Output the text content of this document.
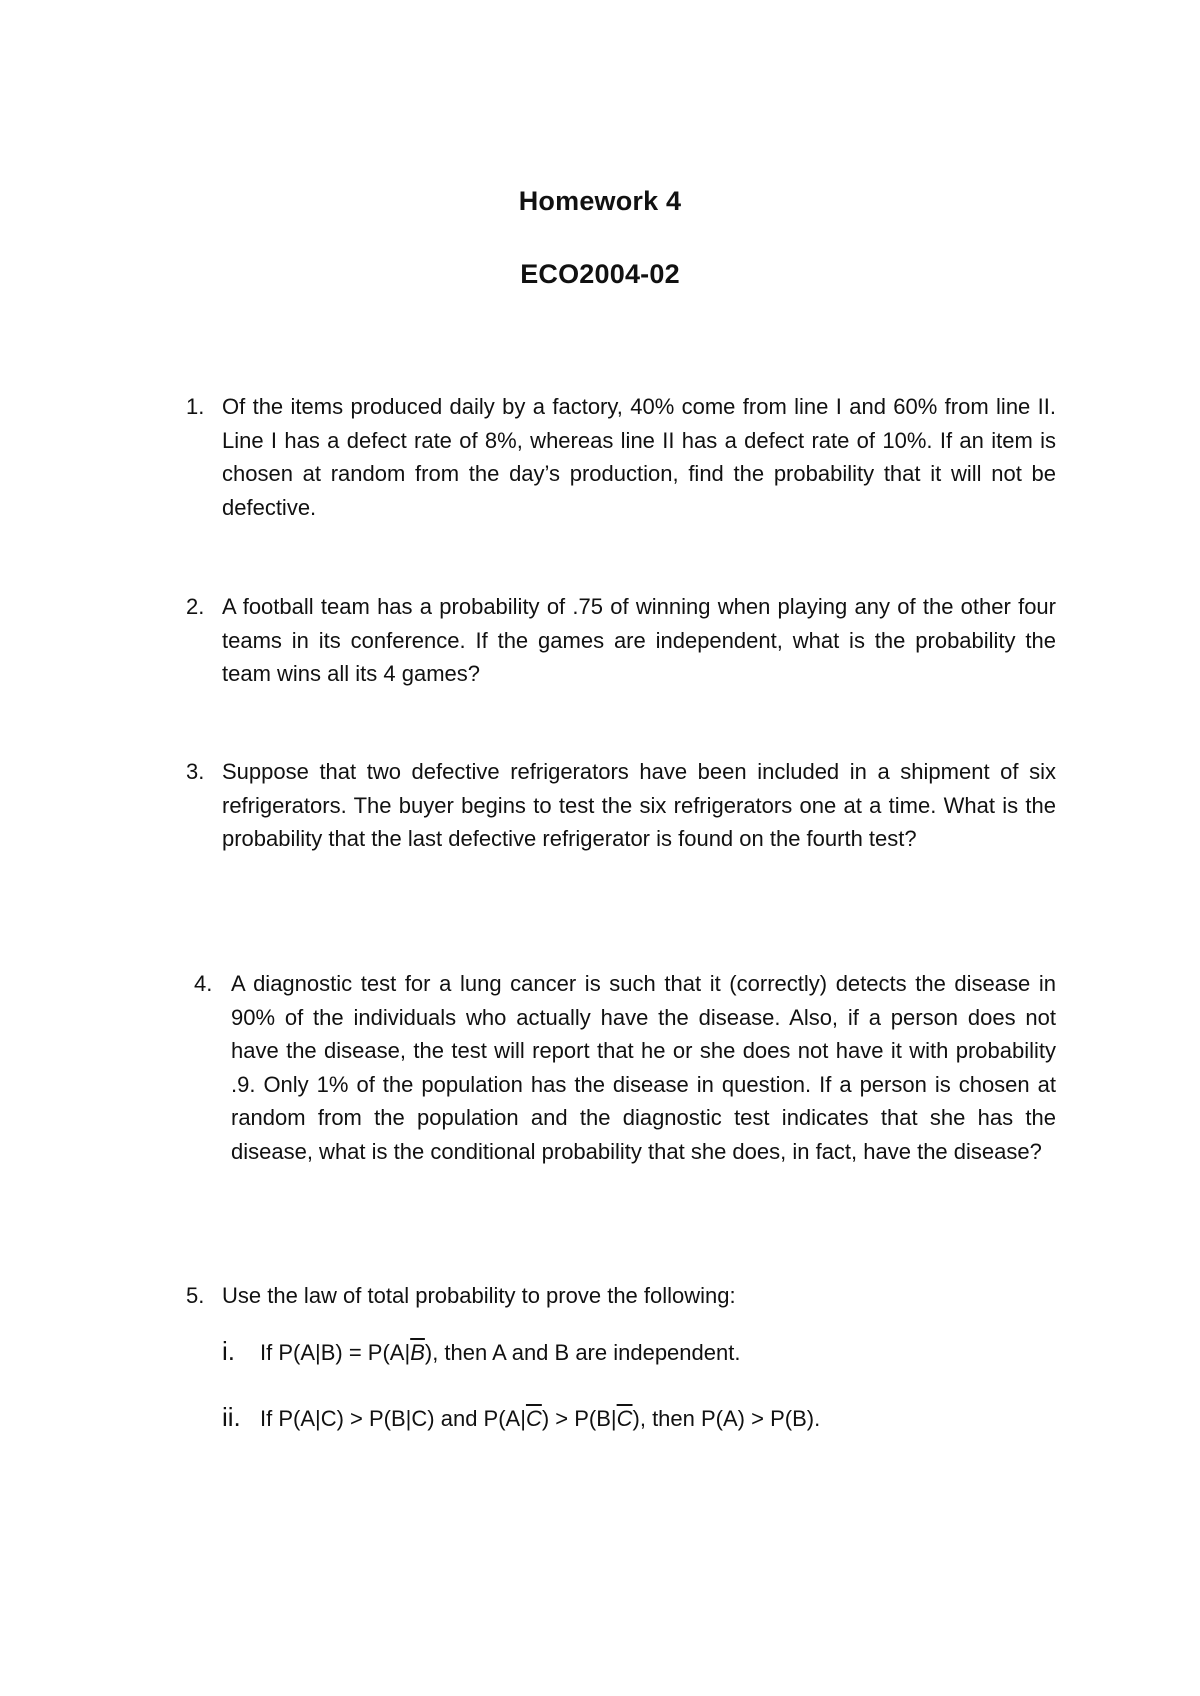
Homework 4
ECO2004-02
1. Of the items produced daily by a factory, 40% come from line I and 60% from line II. Line I has a defect rate of 8%, whereas line II has a defect rate of 10%. If an item is chosen at random from the day’s production, find the probability that it will not be defective.
2. A football team has a probability of .75 of winning when playing any of the other four teams in its conference. If the games are independent, what is the probability the team wins all its 4 games?
3. Suppose that two defective refrigerators have been included in a shipment of six refrigerators. The buyer begins to test the six refrigerators one at a time. What is the probability that the last defective refrigerator is found on the fourth test?
4. A diagnostic test for a lung cancer is such that it (correctly) detects the disease in 90% of the individuals who actually have the disease. Also, if a person does not have the disease, the test will report that he or she does not have it with probability .9. Only 1% of the population has the disease in question. If a person is chosen at random from the population and the diagnostic test indicates that she has the disease, what is the conditional probability that she does, in fact, have the disease?
5. Use the law of total probability to prove the following:
i. If $P(A|B) = P(A|\overline{B})$, then A and B are independent.
ii. If P(A|C) > P(B|C) and $P(A|\overline{C}) > P(B|\overline{C})$, then P(A) > P(B).
